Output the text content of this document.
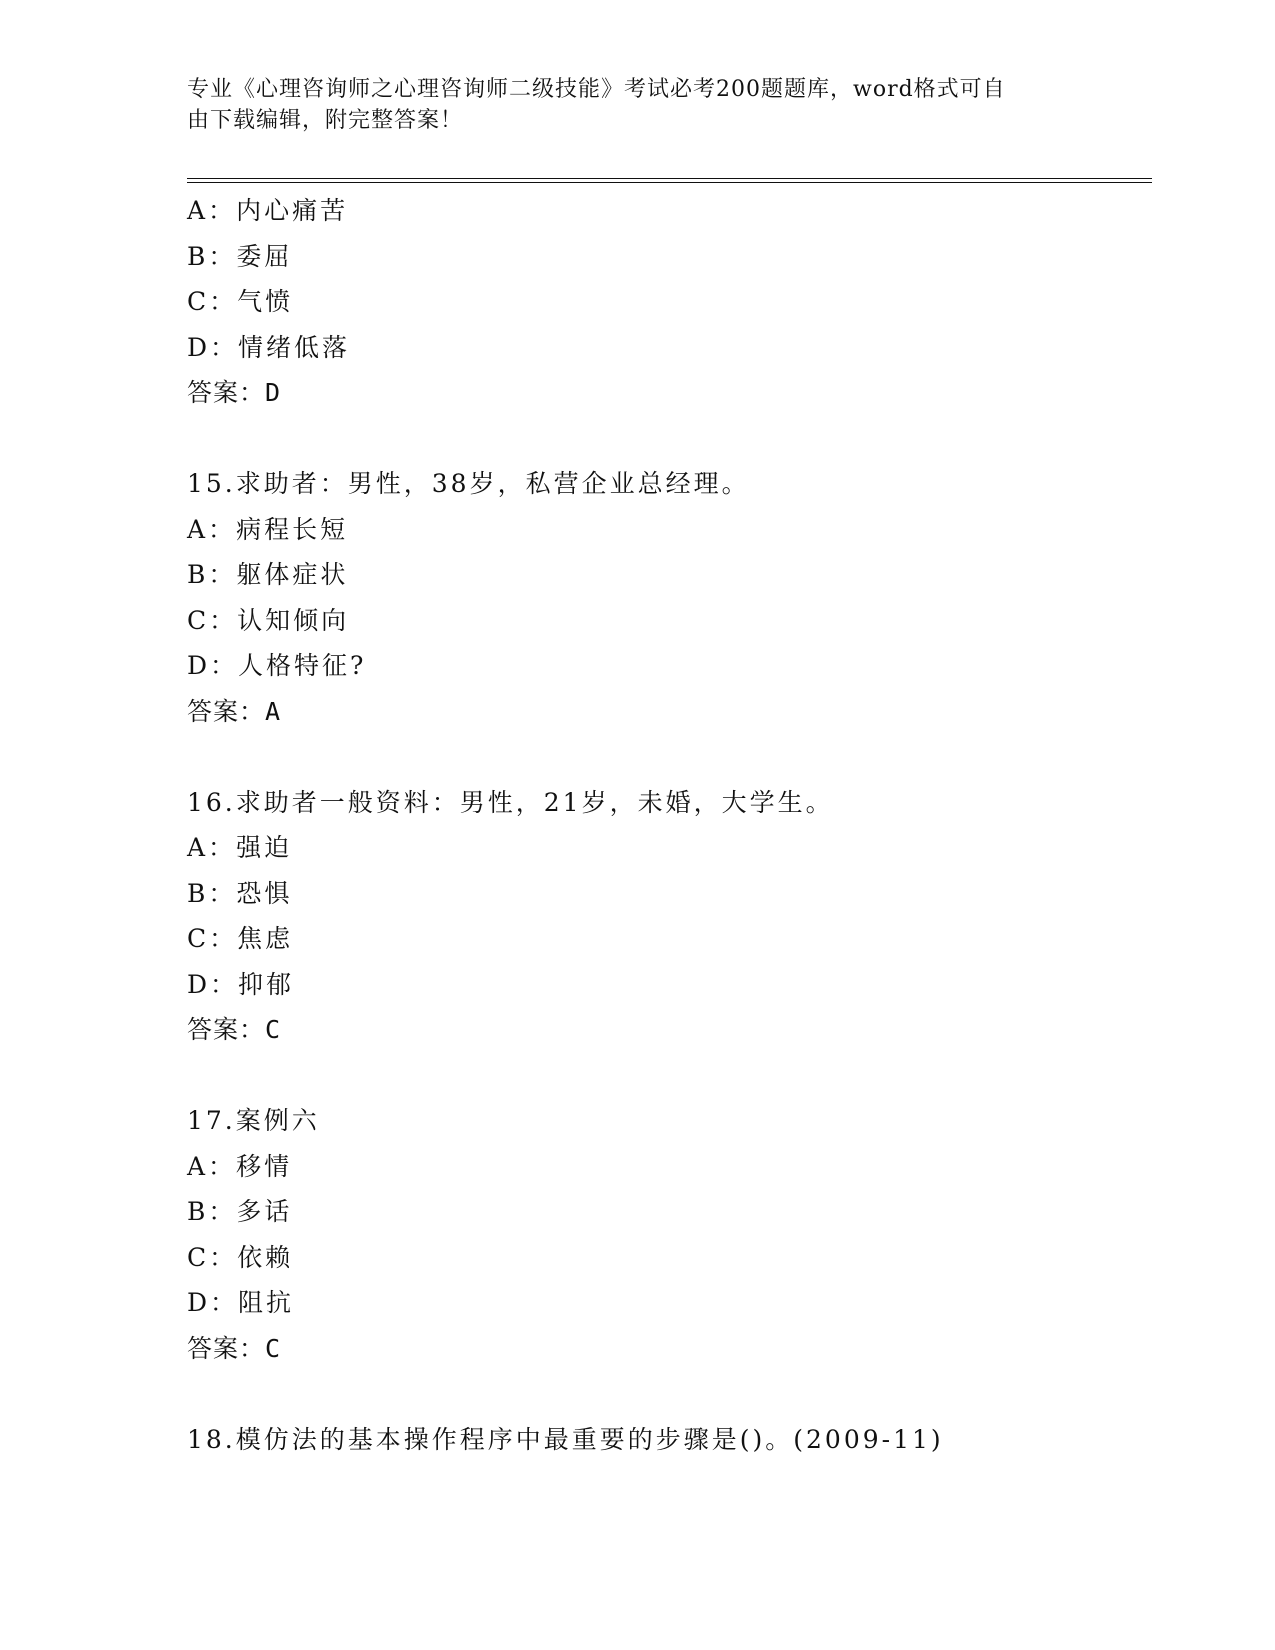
专业《心理咨询师之心理咨询师二级技能》考试必考200题题库，word格式可自
由下载编辑，附完整答案！
A：内心痛苦
B：委屈
C：气愤
D：情绪低落
答案：D
15.求助者：男性，38岁，私营企业总经理。
A：病程长短
B：躯体症状
C：认知倾向
D：人格特征?
答案：A
16.求助者一般资料：男性，21岁，未婚，大学生。
A：强迫
B：恐惧
C：焦虑
D：抑郁
答案：C
17.案例六
A：移情
B：多话
C：依赖
D：阻抗
答案：C
18.模仿法的基本操作程序中最重要的步骤是()。(2009-11)
